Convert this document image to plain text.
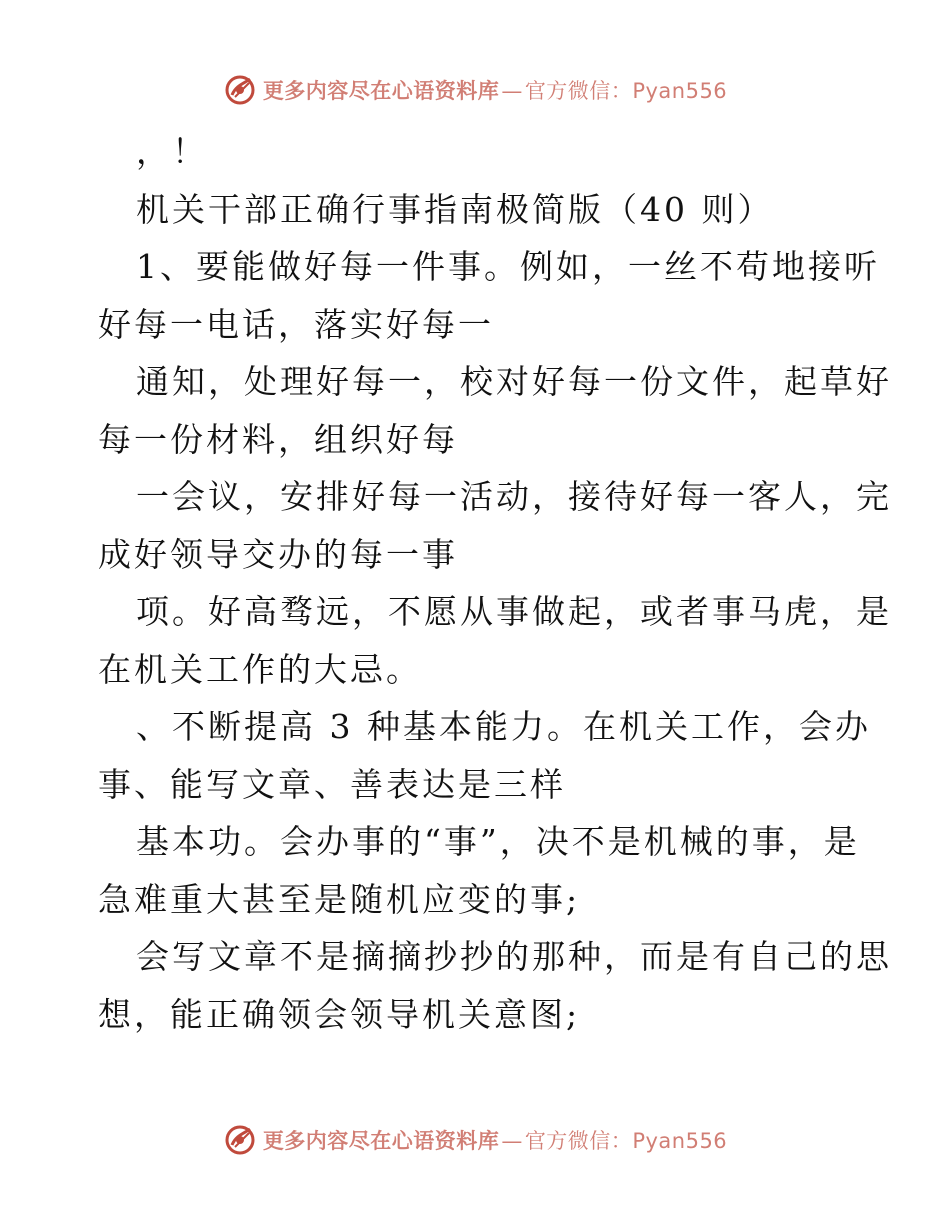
更多内容尽在心语资料库—官方微信：Pyan556
，！
机关干部正确行事指南极简版（40 则）
1、要能做好每一件事。例如，一丝不苟地接听
好每一电话，落实好每一
通知，处理好每一，校对好每一份文件，起草好
每一份材料，组织好每
一会议，安排好每一活动，接待好每一客人，完
成好领导交办的每一事
项。好高骛远，不愿从事做起，或者事马虎，是
在机关工作的大忌。
、不断提高 3 种基本能力。在机关工作，会办
事、能写文章、善表达是三样
基本功。会办事的“事”，决不是机械的事，是
急难重大甚至是随机应变的事;
会写文章不是摘摘抄抄的那种，而是有自己的思
想，能正确领会领导机关意图;
更多内容尽在心语资料库—官方微信：Pyan556
